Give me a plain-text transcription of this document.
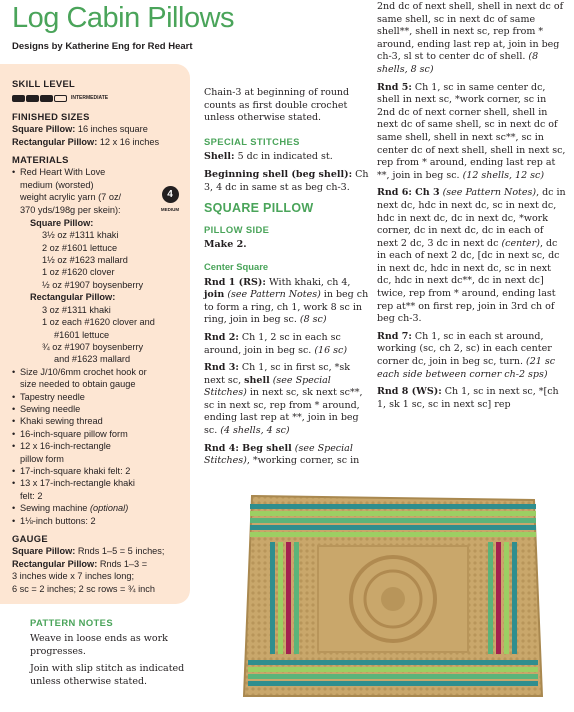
Log Cabin Pillows
Designs by Katherine Eng for Red Heart
SKILL LEVEL
INTERMEDIATE
FINISHED SIZES
Square Pillow: 16 inches square
Rectangular Pillow: 12 x 16 inches
MATERIALS
• Red Heart With Love
medium (worsted)
weight acrylic yarn (7 oz/
370 yds/198g per skein):
4
MEDIUM
Square Pillow:
3½ oz #1311 khaki
2 oz #1601 lettuce
1½ oz #1623 mallard
1 oz #1620 clover
½ oz #1907 boysenberry
Rectangular Pillow:
3 oz #1311 khaki
1 oz each #1620 clover and
#1601 lettuce
¾ oz #1907 boysenberry
and #1623 mallard
• Size J/10/6mm crochet hook or
size needed to obtain gauge
• Tapestry needle
• Sewing needle
• Khaki sewing thread
• 16-inch-square pillow form
• 12 x 16-inch-rectangle
pillow form
• 17-inch-square khaki felt: 2
• 13 x 17-inch-rectangle khaki
felt: 2
• Sewing machine (optional)
• 1⅛-inch buttons: 2
GAUGE
Square Pillow: Rnds 1–5 = 5 inches;
Rectangular Pillow: Rnds 1–3 =
3 inches wide x 7 inches long;
6 sc = 2 inches; 2 sc rows = ¾ inch
PATTERN NOTES

Weave in loose ends as work progresses.

Join with slip stitch as indicated unless otherwise stated.

Chain-3 at beginning of round counts as first double crochet unless otherwise stated.

SPECIAL STITCHES

Shell: 5 dc in indicated st.

Beginning shell (beg shell): Ch 3, 4 dc in same st as beg ch-3.

SQUARE PILLOW
PILLOW SIDE

Make 2.

Center Square

Rnd 1 (RS): With khaki, ch 4, join (see Pattern Notes) in beg ch to form a ring, ch 1, work 8 sc in ring, join in beg sc. (8 sc)

Rnd 2: Ch 1, 2 sc in each sc around, join in beg sc. (16 sc)

Rnd 3: Ch 1, sc in first sc, *sk next sc, shell (see Special Stitches) in next sc, sk next sc**, sc in next sc, rep from * around, ending last rep at **, join in beg sc. (4 shells, 4 sc)

Rnd 4: Beg shell (see Special Stitches), *working corner, sc in

2nd dc of next shell, shell in next dc of same shell, sc in next dc of same shell**, shell in next sc, rep from * around, ending last rep at, join in beg ch-3, sl st to center dc of shell. (8 shells, 8 sc)

Rnd 5: Ch 1, sc in same center dc, shell in next sc, *work corner, sc in 2nd dc of next corner shell, shell in next dc of same shell, sc in next dc of same shell, shell in next sc**, sc in center dc of next shell, shell in next sc, rep from * around, ending last rep at **, join in beg sc. (12 shells, 12 sc)

Rnd 6: Ch 3 (see Pattern Notes), dc in next dc, hdc in next dc, sc in next dc, hdc in next dc, dc in next dc, *work corner, dc in next dc, dc in each of next 2 dc, 3 dc in next dc (center), dc in each of next 2 dc, [dc in next sc, dc in next dc, hdc in next dc, sc in next dc, hdc in next dc**, dc in next dc] twice, rep from * around, ending last rep at** on first rep, join in 3rd ch of beg ch-3.

Rnd 7: Ch 1, sc in each st around, working (sc, ch 2, sc) in each center corner dc, join in beg sc, turn. (21 sc each side between corner ch-2 sps)

Rnd 8 (WS): Ch 1, sc in next sc, *[ch 1, sk 1 sc, sc in next sc] rep
